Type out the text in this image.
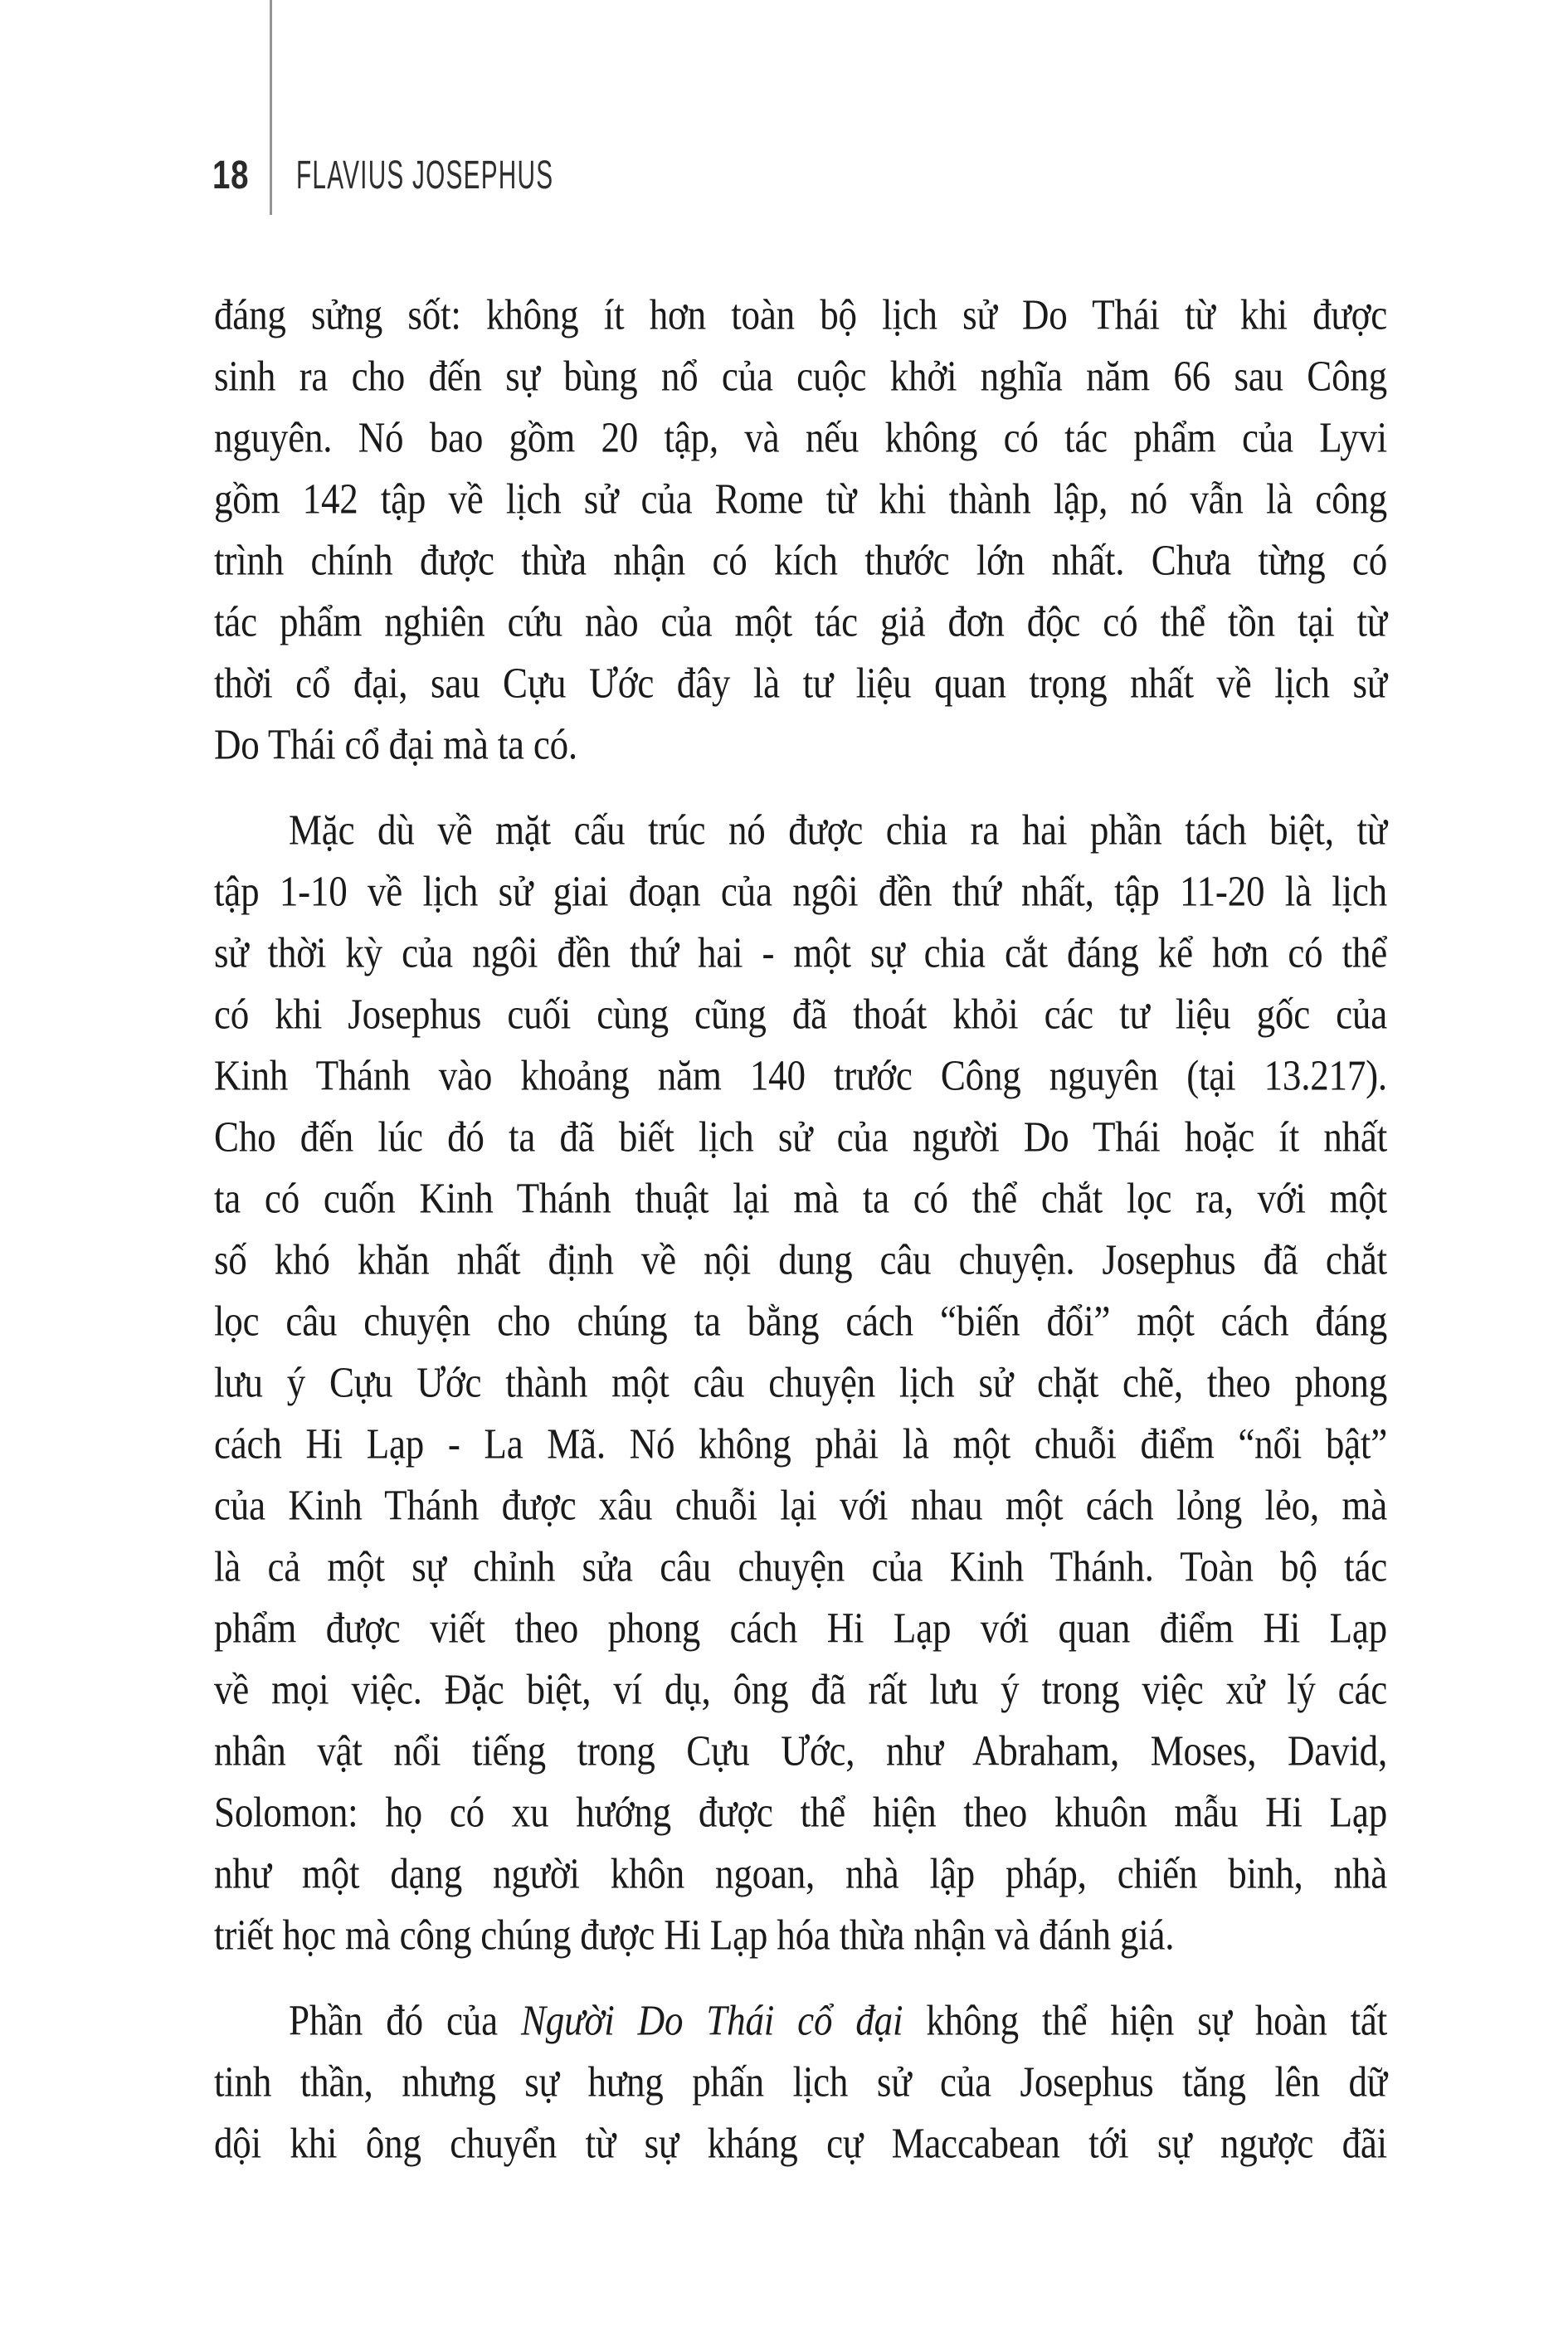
18 FLAVIUS JOSEPHUS
đáng sửng sốt: không ít hơn toàn bộ lịch sử Do Thái từ khi được
sinh ra cho đến sự bùng nổ của cuộc khởi nghĩa năm 66 sau Công
nguyên. Nó bao gồm 20 tập, và nếu không có tác phẩm của Lyvi
gồm 142 tập về lịch sử của Rome từ khi thành lập, nó vẫn là công
trình chính được thừa nhận có kích thước lớn nhất. Chưa từng có
tác phẩm nghiên cứu nào của một tác giả đơn độc có thể tồn tại từ
thời cổ đại, sau Cựu Ước đây là tư liệu quan trọng nhất về lịch sử
Do Thái cổ đại mà ta có.
Mặc dù về mặt cấu trúc nó được chia ra hai phần tách biệt, từ
tập 1-10 về lịch sử giai đoạn của ngôi đền thứ nhất, tập 11-20 là lịch
sử thời kỳ của ngôi đền thứ hai - một sự chia cắt đáng kể hơn có thể
có khi Josephus cuối cùng cũng đã thoát khỏi các tư liệu gốc của
Kinh Thánh vào khoảng năm 140 trước Công nguyên (tại 13.217).
Cho đến lúc đó ta đã biết lịch sử của người Do Thái hoặc ít nhất
ta có cuốn Kinh Thánh thuật lại mà ta có thể chắt lọc ra, với một
số khó khăn nhất định về nội dung câu chuyện. Josephus đã chắt
lọc câu chuyện cho chúng ta bằng cách “biến đổi” một cách đáng
lưu ý Cựu Ước thành một câu chuyện lịch sử chặt chẽ, theo phong
cách Hi Lạp - La Mã. Nó không phải là một chuỗi điểm “nổi bật”
của Kinh Thánh được xâu chuỗi lại với nhau một cách lỏng lẻo, mà
là cả một sự chỉnh sửa câu chuyện của Kinh Thánh. Toàn bộ tác
phẩm được viết theo phong cách Hi Lạp với quan điểm Hi Lạp
về mọi việc. Đặc biệt, ví dụ, ông đã rất lưu ý trong việc xử lý các
nhân vật nổi tiếng trong Cựu Ước, như Abraham, Moses, David,
Solomon: họ có xu hướng được thể hiện theo khuôn mẫu Hi Lạp
như một dạng người khôn ngoan, nhà lập pháp, chiến binh, nhà
triết học mà công chúng được Hi Lạp hóa thừa nhận và đánh giá.
Phần đó của Người Do Thái cổ đại không thể hiện sự hoàn tất
tinh thần, nhưng sự hưng phấn lịch sử của Josephus tăng lên dữ
dội khi ông chuyển từ sự kháng cự Maccabean tới sự ngược đãi
